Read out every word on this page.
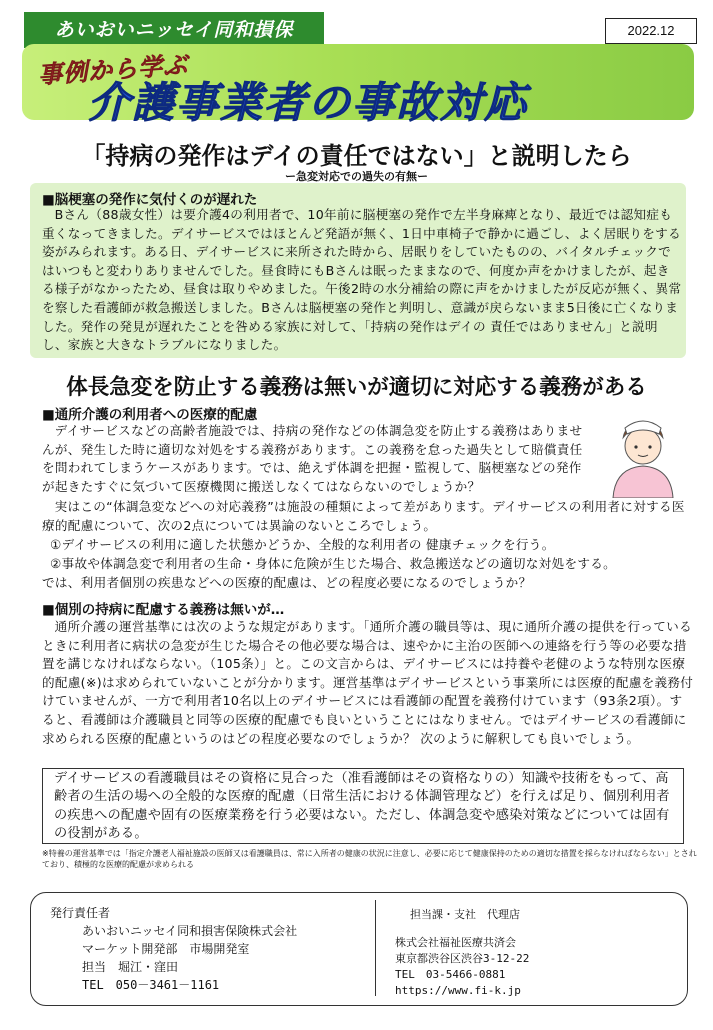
あいおいニッセイ同和損保	2022.12
事例から学ぶ
介護事業者の事故対応
「持病の発作はデイの責任ではない」と説明したら
ー急変対応での過失の有無ー
■脳梗塞の発作に気付くのが遅れた
Bさん（88歳女性）は要介護4の利用者で、10年前に脳梗塞の発作で左半身麻痺となり、最近では認知症も重くなってきました。デイサービスではほとんど発語が無く、1日中車椅子で静かに過ごし、よく居眠りをする姿がみられます。ある日、デイサービスに来所された時から、居眠りをしていたものの、バイタルチェックではいつもと変わりありませんでした。昼食時にもBさんは眠ったままなので、何度か声をかけましたが、起きる様子がなかったため、昼食は取りやめました。午後2時の水分補給の際に声をかけましたが反応が無く、異常を察した看護師が救急搬送しました。Bさんは脳梗塞の発作と判明し、意識が戻らないまま5日後に亡くなりました。発作の発見が遅れたことを咎める家族に対して、「持病の発作はデイの 責任ではありません」と説明し、家族と大きなトラブルになりました。
体長急変を防止する義務は無いが適切に対応する義務がある
■通所介護の利用者への医療的配慮
デイサービスなどの高齢者施設では、持病の発作などの体調急変を防止する義務はありませんが、発生した時に適切な対処をする義務があります。この義務を怠った過失として賠償責任を問われてしまうケースがあります。では、絶えず体調を把握・監視して、脳梗塞などの発作が起きたすぐに気づいて医療機関に搬送しなくてはならないのでしょうか？
実はこの“体調急変などへの対応義務”は施設の種類によって差があります。デイサービスの利用者に対する医療的配慮について、次の2点については異論のないところでしょう。
①デイサービスの利用に適した状態かどうか、全般的な利用者の 健康チェックを行う。
②事故や体調急変で利用者の生命・身体に危険が生じた場合、救急搬送などの適切な対処をする。
では、利用者個別の疾患などへの医療的配慮は、どの程度必要になるのでしょうか？
■個別の持病に配慮する義務は無いが…
通所介護の運営基準には次のような規定があります。「通所介護の職員等は、現に通所介護の提供を行っているときに利用者に病状の急変が生じた場合その他必要な場合は、速やかに主治の医師への連絡を行う等の必要な措置を講じなければならない。（105条）」と。この文言からは、デイサービスには持養や老健のような特別な医療的配慮(※)は求められていないことが分かります。運営基準はデイサービスという事業所には医療的配慮を義務付けていませんが、一方で利用者10名以上のデイサービスには看護師の配置を義務付けています（93条2項）。すると、看護師は介護職員と同等の医療的配慮でも良いということにはなりません。ではデイサービスの看護師に求められる医療的配慮というのはどの程度必要なのでしょうか？ 次のように解釈しても良いでしょう。
デイサービスの看護職員はその資格に見合った（准看護師はその資格なりの）知識や技術をもって、高齢者の生活の場への全般的な医療的配慮（日常生活における体調管理など）を行えば足り、個別利用者の疾患への配慮や固有の医療業務を行う必要はない。ただし、体調急変や感染対策などについては固有の役割がある。
※特養の運営基準では「指定介護老人福祉施設の医師又は看護職員は、常に入所者の健康の状況に注意し、必要に応じて健康保持のための適切な措置を採らなければならない」とされており、積極的な医療的配慮が求められる
発行責任者
あいおいニッセイ同和損害保険株式会社
マーケット開発部　市場開発室
担当　堀江・窪田
TEL　050－3461－1161
担当課・支社　代理店
株式会社福祉医療共済会
東京都渋谷区渋谷3-12-22
TEL　03-5466-0881
https://www.fi-k.jp
